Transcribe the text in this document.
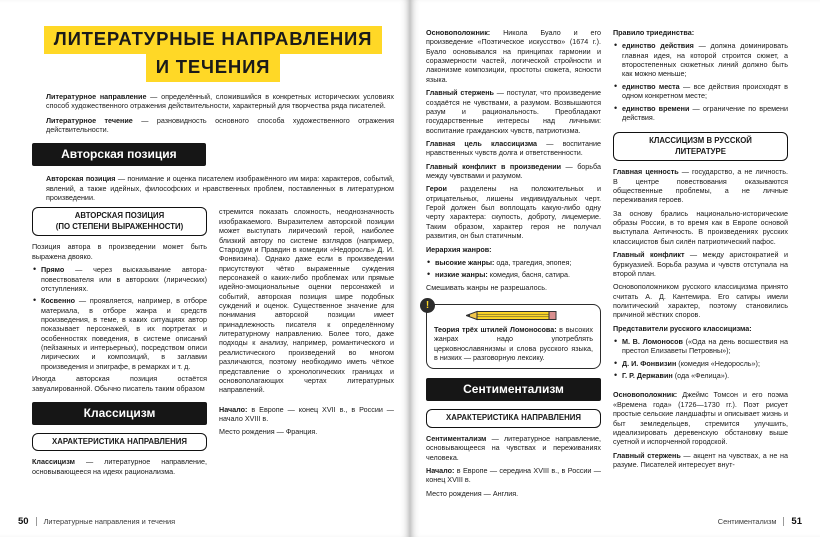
ЛИТЕРАТУРНЫЕ НАПРАВЛЕНИЯ
И ТЕЧЕНИЯ

Литературное направление — определённый, сложившийся в конкретных исторических условиях способ художественного отражения действительности, характерный для творчества ряда писателей.

Литературное течение — разновидность основного способа художественного отражения действительности.

Авторская позиция

Авторская позиция — понимание и оценка писателем изображённого им мира: характеров, событий, явлений, а также идейных, философских и нравственных проблем, поставленных в литературном произведении.

АВТОРСКАЯ ПОЗИЦИЯ
(ПО СТЕПЕНИ ВЫРАЖЕННОСТИ)

Позиция автора в произведении может быть выражена двояко.

• Прямо — через высказывание автора-повествователя или в авторских (лирических) отступлениях.
• Косвенно — проявляется, например, в отборе материала, в отборе жанра и средств произведения, в теме, в каких ситуациях автор показывает персонажей, в их портретах и особенностях поведения, в системе описаний (пейзажных и интерьерных), посредством описи лирических и композиций, в заглавии произведения и эпиграфе, в ремарках и т. д.

Иногда авторская позиция остаётся завуалированной. Обычно писатель таким образом

Классицизм
ХАРАКТЕРИСТИКА НАПРАВЛЕНИЯ

Классицизм — литературное направление, основывающееся на идеях рационализма.

стремится показать сложность, неоднозначность изображаемого. Выразителем авторской позиции может выступать лирический герой, наиболее близкий автору по системе взглядов (например, Стародум и Правдин в комедии «Недоросль» Д. И. Фонвизина). Однако даже если в произведении присутствуют чётко выраженные суждения персонажей о каких-либо проблемах или прямые идейно-эмоциональные оценки персонажей и событий, авторская позиция шире подобных суждений и оценок. Существенное значение для понимания авторской позиции имеет принадлежность писателя к определённому литературному направлению. Более того, даже подходы к анализу, например, романтического и реалистического произведений во многом различаются, поэтому необходимо иметь чёткое представление о хронологических границах и основополагающих чертах литературных направлений.

Начало: в Европе — конец XVII в., в России — начало XVIII в.

Место рождения — Франция.

50 Литературные направления и течения

Основоположник: Никола Буало и его произведение «Поэтическое искусство» (1674 г.). Буало основывался на принципах гармонии и соразмерности частей, логической стройности и лаконизме композиции, простоты сюжета, ясности языка.

Главный стержень — постулат, что произведение создаётся не чувствами, а разумом. Возвышаются разум и рациональность. Преобладают государственные интересы над личными: воспитание гражданских чувств, патриотизма.

Главная цель классицизма — воспитание нравственных чувств долга и ответственности.

Главный конфликт в произведении — борьба между чувствами и разумом.

Герои разделены на положительных и отрицательных, лишены индивидуальных черт. Герой должен был воплощать какую-либо одну черту характера: скупость, доброту, лицемерие. Таким образом, характер героя не получал развития, он был статичным.

Иерархия жанров:

• высокие жанры: ода, трагедия, эпопея;
• низкие жанры: комедия, басня, сатира.

Смешивать жанры не разрешалось.

!

Теория трёх штилей Ломоносова: в высоких жанрах надо употреблять церковнославянизмы и слова русского языка, в низких — разговорную лексику.

Сентиментализм
ХАРАКТЕРИСТИКА НАПРАВЛЕНИЯ

Сентиментализм — литературное направление, основывающееся на чувствах и переживаниях человека.

Начало: в Европе — середина XVIII в., в России — конец XVIII в.

Место рождения — Англия.

Правило триединства:

• единство действия — должна доминировать главная идея, на которой строится сюжет, а второстепенных сюжетных линий должно быть как можно меньше;
• единство места — все действия происходят в одном конкретном месте;
• единство времени — ограничение по времени действия.
КЛАССИЦИЗМ В РУССКОЙ
ЛИТЕРАТУРЕ

Главная ценность — государство, а не личность. В центре повествования оказываются общественные проблемы, а не личные переживания героев.

За основу брались национально-исторические образы России, в то время как в Европе основой выступала Античность. В произведениях русских классицистов был силён патриотический пафос.

Главный конфликт — между аристократией и буржуазией. Борьба разума и чувств отступала на второй план.

Основоположником русского классицизма принято считать А. Д. Кантемира. Его сатиры имели политический характер, поэтому становились причиной жёстких споров.

Представители русского классицизма:

• М. В. Ломоносов («Ода на день восшествия на престол Елизаветы Петровны»);
• Д. И. Фонвизин (комедия «Недоросль»);
• Г. Р. Державин (ода «Фелица»).

Основоположник: Джеймс Томсон и его поэма «Времена года» (1726—1730 гг.). Поэт рисует простые сельские ландшафты и описывает жизнь и быт земледельцев, стремится улучшить, идеализировать деревенскую обстановку выше суетной и испорченной городской.

Главный стержень — акцент на чувствах, а не на разуме. Писателей интересует внут-

Сентиментализм 51
